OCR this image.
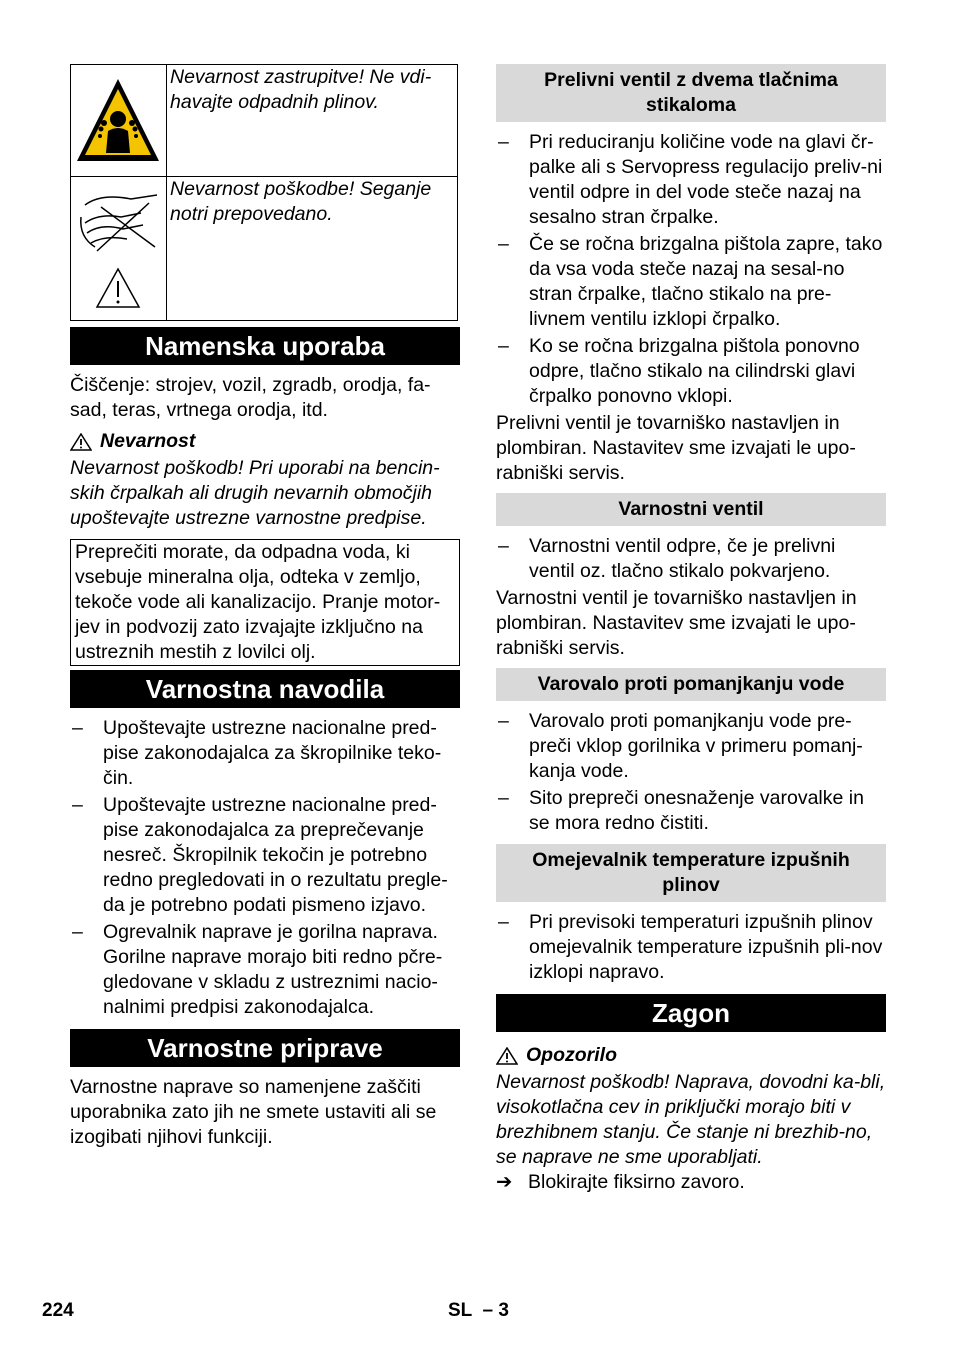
	Nevarnost zastrupitve! Ne vdi-havajte odpadnih plinov.
	Nevarnost poškodbe! Seganje notri prepovedano.
Namenska uporaba

Čiščenje: strojev, vozil, zgradb, orodja, fa-sad, teras, vrtnega orodja, itd.

Nevarnost

Nevarnost poškodb! Pri uporabi na bencin-skih črpalkah ali drugih nevarnih območjih upoštevajte ustrezne varnostne predpise.

Preprečiti morate, da odpadna voda, ki vsebuje mineralna olja, odteka v zemljo, tekoče vode ali kanalizacijo. Pranje motor-jev in podvozij zato izvajajte izključno na ustreznih mestih z lovilci olj.

Varnostna navodila
– Upoštevajte ustrezne nacionalne pred-pise zakonodajalca za škropilnike teko-čin.
– Upoštevajte ustrezne nacionalne pred-pise zakonodajalca za preprečevanje nesreč. Škropilnik tekočin je potrebno redno pregledovati in o rezultatu preglе-da je potrebno podati pismeno izjavo.
– Ogrevalnik naprave je gorilna naprava. Gorilne naprave morajo biti redno pčre-gledovane v skladu z ustreznimi nacio-nalnimi predpisi zakonodajalca.
Varnostne priprave

Varnostne naprave so namenjene zaščiti uporabnika zato jih ne smete ustaviti ali se izogibati njihovi funkciji.

Prelivni ventil z dvema tlačnima stikaloma
– Pri reduciranju količine vode na glavi čr-palke ali s Servopress regulacijo preliv-ni ventil odpre in del vode steče nazaj na sesalno stran črpalke.
– Če se ročna brizgalna pištola zapre, tako da vsa voda steče nazaj na sesal-no stran črpalke, tlačno stikalo na pre-livnem ventilu izklopi črpalko.
– Ko se ročna brizgalna pištola ponovno odpre, tlačno stikalo na cilindrski glavi črpalko ponovno vklopi.

Prelivni ventil je tovarniško nastavljen in plombiran. Nastavitev sme izvajati le upo-rabniški servis.

Varnostni ventil
– Varnostni ventil odpre, če je prelivni ventil oz. tlačno stikalo pokvarjeno.

Varnostni ventil je tovarniško nastavljen in plombiran. Nastavitev sme izvajati le upo-rabniški servis.

Varovalo proti pomanjkanju vode
– Varovalo proti pomanjkanju vode pre-preči vklop gorilnika v primeru pomanj-kanja vode.
– Sito prepreči onesnaženje varovalke in se mora redno čistiti.
Omejevalnik temperature izpušnih plinov
– Pri previsoki temperaturi izpušnih plinov omejevalnik temperature izpušnih pli-nov izklopi napravo.
Zagon
Opozorilo

Nevarnost poškodb! Naprava, dovodni ka-bli, visokotlačna cev in priključki morajo biti v brezhibnem stanju. Če stanje ni brezhib-no, se naprave ne sme uporabljati.

➔ Blokirajte fiksirno zavoro.
224	SL  – 3
